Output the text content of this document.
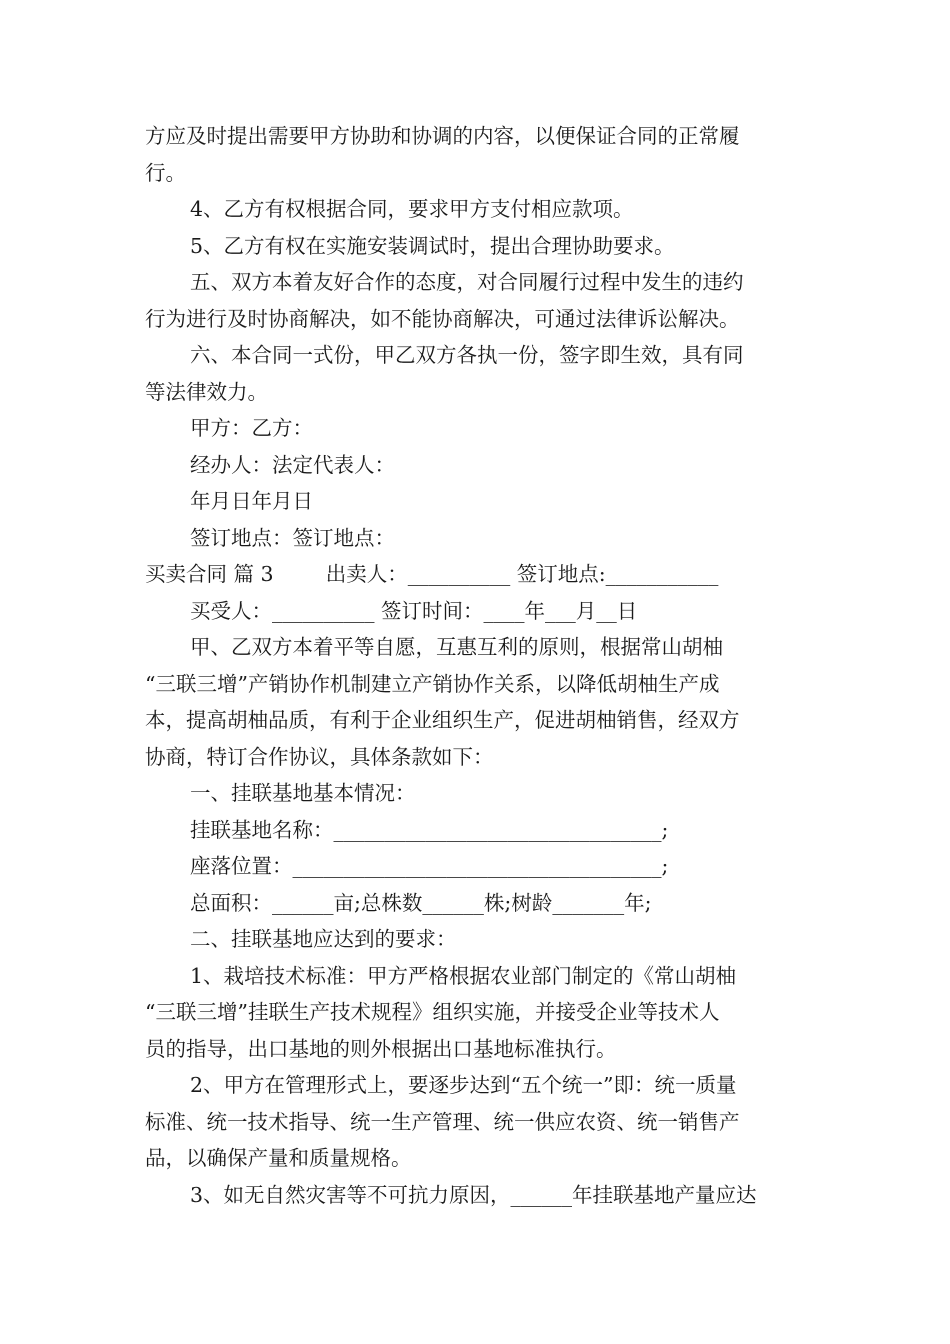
方应及时提出需要甲方协助和协调的内容，以便保证合同的正常履

行。

4、乙方有权根据合同，要求甲方支付相应款项。

5、乙方有权在实施安装调试时，提出合理协助要求。

五、双方本着友好合作的态度，对合同履行过程中发生的违约

行为进行及时协商解决，如不能协商解决，可通过法律诉讼解决。

六、本合同一式份，甲乙双方各执一份，签字即生效，具有同

等法律效力。

甲方：乙方：

经办人：法定代表人：

年月日年月日

签订地点：签订地点：

买卖合同 篇 3        出卖人：__________ 签订地点:___________

买受人：__________ 签订时间：____年___月__日

甲、乙双方本着平等自愿，互惠互利的原则，根据常山胡柚

“三联三增”产销协作机制建立产销协作关系，以降低胡柚生产成

本，提高胡柚品质，有利于企业组织生产，促进胡柚销售，经双方

协商，特订合作协议，具体条款如下：

一、挂联基地基本情况：

挂联基地名称：________________________________;

座落位置：____________________________________;

总面积：______亩;总株数______株;树龄_______年;

二、挂联基地应达到的要求：

1、栽培技术标准：甲方严格根据农业部门制定的《常山胡柚

“三联三增”挂联生产技术规程》组织实施，并接受企业等技术人

员的指导，出口基地的则外根据出口基地标准执行。

2、甲方在管理形式上，要逐步达到“五个统一”即：统一质量

标准、统一技术指导、统一生产管理、统一供应农资、统一销售产

品，以确保产量和质量规格。

3、如无自然灾害等不可抗力原因，______年挂联基地产量应达
